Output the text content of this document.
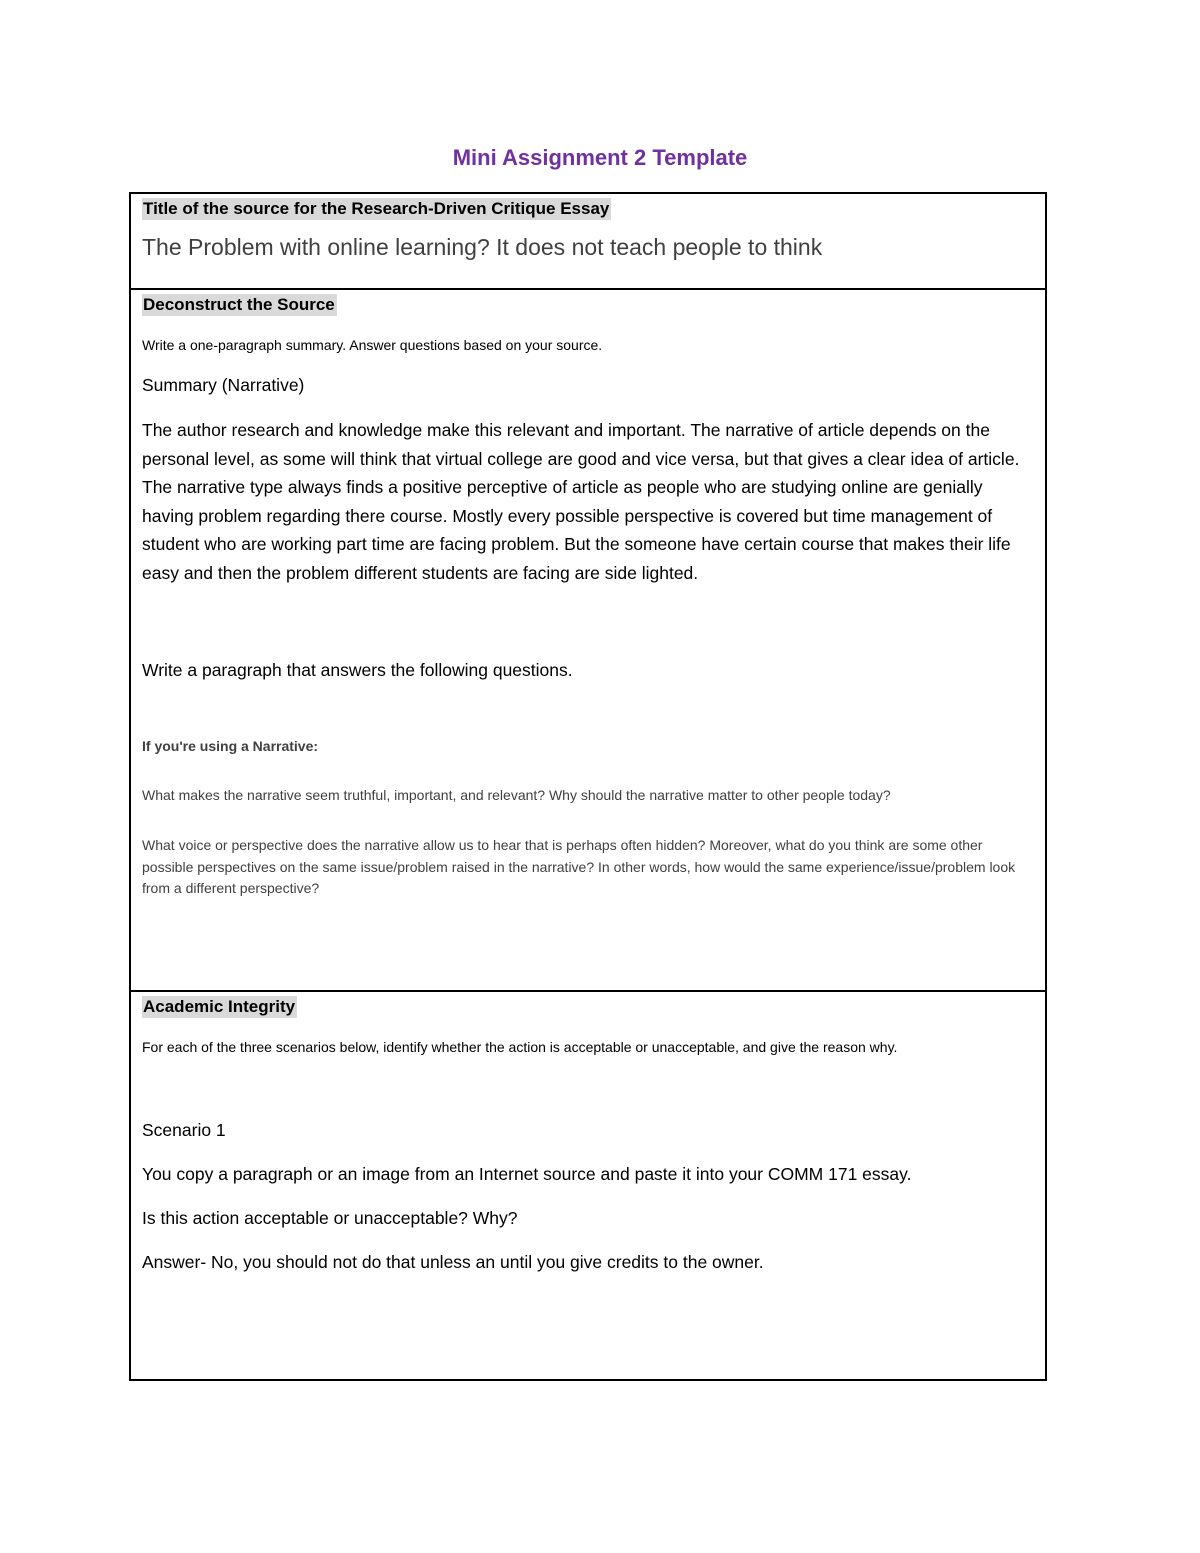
Mini Assignment 2 Template
Title of the source for the Research-Driven Critique Essay

The Problem with online learning? It does not teach people to think

Deconstruct the Source

Write a one-paragraph summary. Answer questions based on your source.

Summary (Narrative)

The author research and knowledge make this relevant and important. The narrative of article depends on the personal level, as some will think that virtual college are good and vice versa, but that gives a clear idea of article. The narrative type always finds a positive perceptive of article as people who are studying online are genially having problem regarding there course. Mostly every possible perspective is covered but time management of student who are working part time are facing problem. But the someone have certain course that makes their life easy and then the problem different students are facing are side lighted.

Write a paragraph that answers the following questions.

If you're using a Narrative:

What makes the narrative seem truthful, important, and relevant? Why should the narrative matter to other people today?

What voice or perspective does the narrative allow us to hear that is perhaps often hidden? Moreover, what do you think are some other possible perspectives on the same issue/problem raised in the narrative? In other words, how would the same experience/issue/problem look from a different perspective?

Academic Integrity

For each of the three scenarios below, identify whether the action is acceptable or unacceptable, and give the reason why.

Scenario 1

You copy a paragraph or an image from an Internet source and paste it into your COMM 171 essay.

Is this action acceptable or unacceptable? Why?

Answer- No, you should not do that unless an until you give credits to the owner.
